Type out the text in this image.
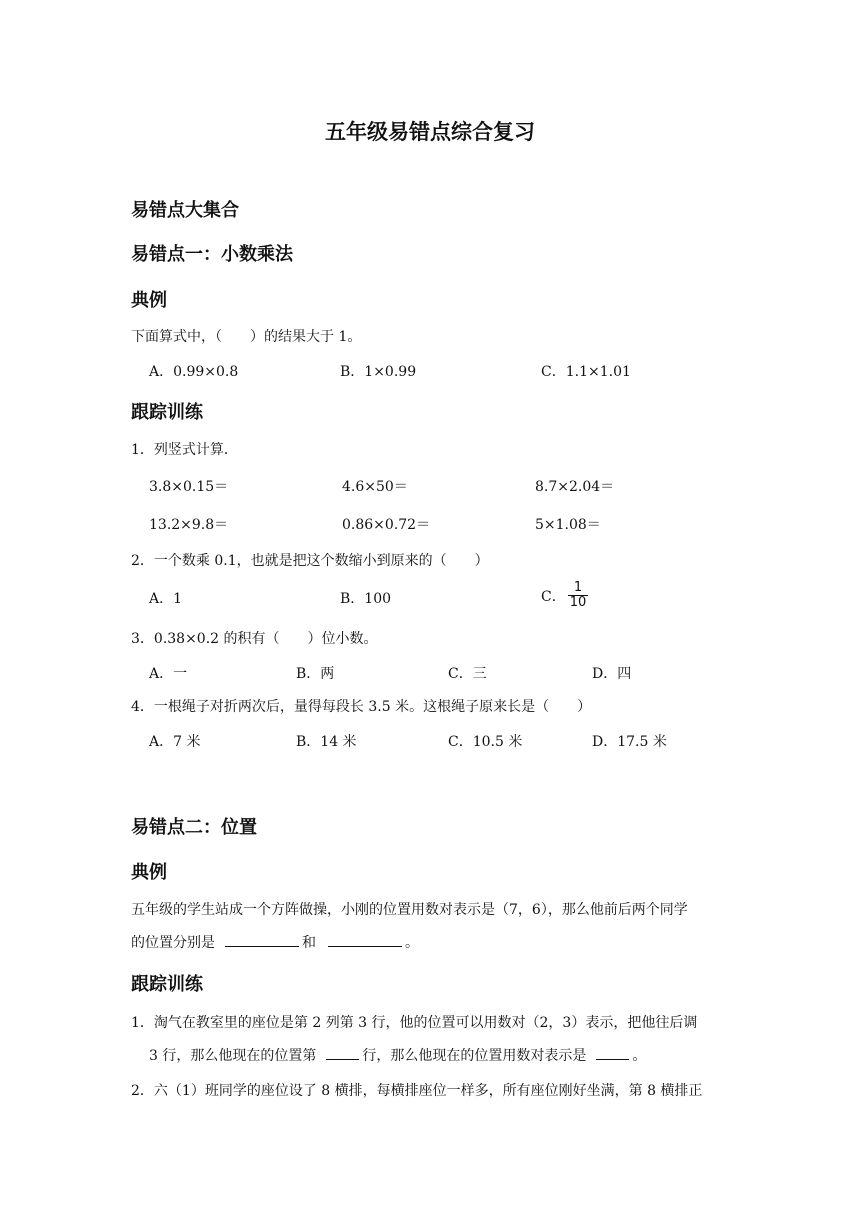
五年级易错点综合复习
易错点大集合
易错点一：小数乘法
典例
下面算式中，（　　）的结果大于 1。
A．0.99×0.8	B．1×0.99	C．1.1×1.01
跟踪训练
1．列竖式计算．
3.8×0.15＝	4.6×50＝	8.7×2.04＝
13.2×9.8＝	0.86×0.72＝	5×1.08＝
2．一个数乘 0.1，也就是把这个数缩小到原来的（　　）
A．1	B．100	C． $\frac{1}{10}$
3．0.38×0.2 的积有（　　）位小数。
A．一	B．两	C．三	D．四
4．一根绳子对折两次后，量得每段长 3.5 米。这根绳子原来长是（　　）
A．7 米	B．14 米	C．10.5 米	D．17.5 米
易错点二：位置
典例
五年级的学生站成一个方阵做操，小刚的位置用数对表示是（7，6），那么他前后两个同学
的位置分别是	和	。
跟踪训练
1．淘气在教室里的座位是第 2 列第 3 行，他的位置可以用数对（2，3）表示，把他往后调
3 行，那么他现在的位置第	行，那么他现在的位置用数对表示是	。
2．六（1）班同学的座位设了 8 横排，每横排座位一样多，所有座位刚好坐满，第 8 横排正
